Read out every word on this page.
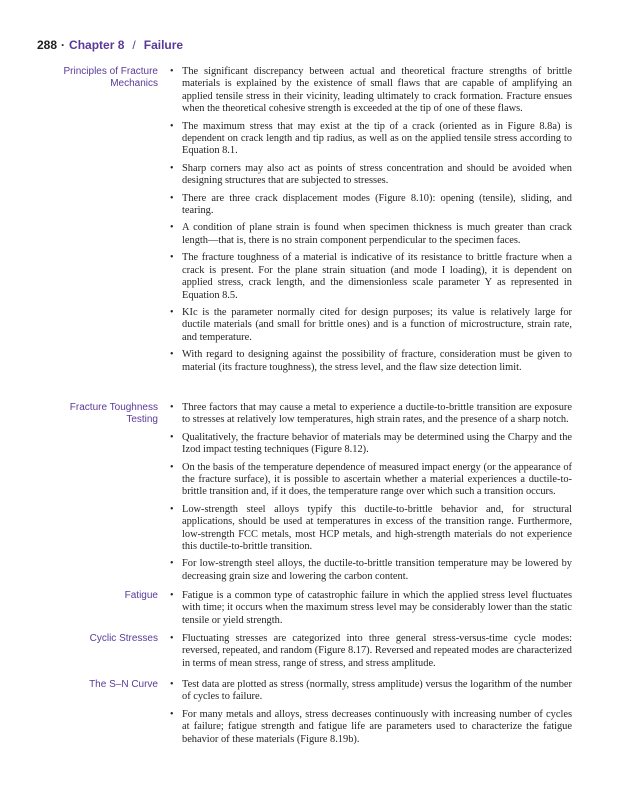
288 · Chapter 8 / Failure
Principles of Fracture
Mechanics
• The significant discrepancy between actual and theoretical fracture strengths of brittle materials is explained by the existence of small flaws that are capable of amplifying an applied tensile stress in their vicinity, leading ultimately to crack formation. Fracture ensues when the theoretical cohesive strength is exceeded at the tip of one of these flaws.
• The maximum stress that may exist at the tip of a crack (oriented as in Figure 8.8a) is dependent on crack length and tip radius, as well as on the applied tensile stress according to Equation 8.1.
• Sharp corners may also act as points of stress concentration and should be avoided when designing structures that are subjected to stresses.
• There are three crack displacement modes (Figure 8.10): opening (tensile), sliding, and tearing.
• A condition of plane strain is found when specimen thickness is much greater than crack length—that is, there is no strain component perpendicular to the specimen faces.
• The fracture toughness of a material is indicative of its resistance to brittle fracture when a crack is present. For the plane strain situation (and mode I loading), it is dependent on applied stress, crack length, and the dimensionless scale parameter Y as represented in Equation 8.5.
• KIc is the parameter normally cited for design purposes; its value is relatively large for ductile materials (and small for brittle ones) and is a function of microstructure, strain rate, and temperature.
• With regard to designing against the possibility of fracture, consideration must be given to material (its fracture toughness), the stress level, and the flaw size detection limit.
Fracture Toughness
Testing
• Three factors that may cause a metal to experience a ductile-to-brittle transition are exposure to stresses at relatively low temperatures, high strain rates, and the presence of a sharp notch.
• Qualitatively, the fracture behavior of materials may be determined using the Charpy and the Izod impact testing techniques (Figure 8.12).
• On the basis of the temperature dependence of measured impact energy (or the appearance of the fracture surface), it is possible to ascertain whether a material experiences a ductile-to-brittle transition and, if it does, the temperature range over which such a transition occurs.
• Low-strength steel alloys typify this ductile-to-brittle behavior and, for structural applications, should be used at temperatures in excess of the transition range. Furthermore, low-strength FCC metals, most HCP metals, and high-strength materials do not experience this ductile-to-brittle transition.
• For low-strength steel alloys, the ductile-to-brittle transition temperature may be lowered by decreasing grain size and lowering the carbon content.
Fatigue	• Fatigue is a common type of catastrophic failure in which the applied stress level fluctuates with time; it occurs when the maximum stress level may be considerably lower than the static tensile or yield strength.
Cyclic Stresses	• Fluctuating stresses are categorized into three general stress-versus-time cycle modes: reversed, repeated, and random (Figure 8.17). Reversed and repeated modes are characterized in terms of mean stress, range of stress, and stress amplitude.
The S–N Curve	• Test data are plotted as stress (normally, stress amplitude) versus the logarithm of the number of cycles to failure.
• For many metals and alloys, stress decreases continuously with increasing number of cycles at failure; fatigue strength and fatigue life are parameters used to characterize the fatigue behavior of these materials (Figure 8.19b).
